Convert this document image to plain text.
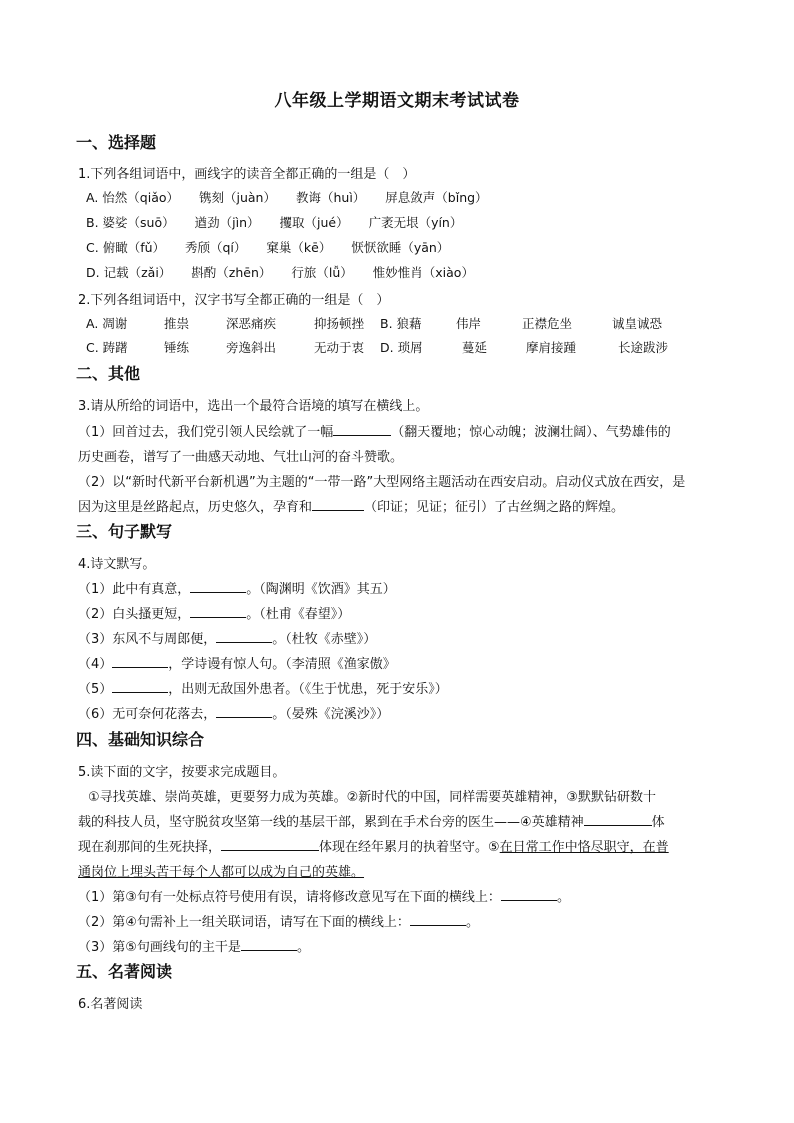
八年级上学期语文期末考试试卷
一、选择题
1.下列各组词语中，画线字的读音全都正确的一组是（　）
A. 怡然（qiǎo） 镌刻（juàn） 教诲（huì） 屏息敛声（bǐng）
B. 婆娑（suō） 遒劲（jìn） 攫取（jué） 广袤无垠（yín）
C. 俯瞰（fǔ） 秀颀（qí） 窠巢（kē） 恹恹欲睡（yān）
D. 记载（zǎi） 斟酌（zhēn） 行旅（lǚ） 惟妙惟肖（xiào）
2.下列各组词语中，汉字书写全都正确的一组是（　）
A. 凋谢	推祟	深恶痛疾	抑扬顿挫 B. 狼藉	伟岸	正襟危坐	诚皇诚恐
C. 踌躇	锤练	旁逸斜出	无动于衷 D. 琐屑	蔓延	摩肩接踵	长途跋涉
二、其他
3.请从所给的词语中，选出一个最符合语境的填写在横线上。
（1）回首过去，我们党引领人民绘就了一幅	（翻天覆地；惊心动魄；波澜壮阔）、气势雄伟的
历史画卷，谱写了一曲感天动地、气壮山河的奋斗赞歌。
（2）以“新时代新平台新机遇”为主题的“一带一路”大型网络主题活动在西安启动。启动仪式放在西安，是
因为这里是丝路起点，历史悠久，孕育和	（印证；见证；征引）了古丝绸之路的辉煌。
三、句子默写
4.诗文默写。
（1）此中有真意，	。（陶渊明《饮酒》其五）
（2）白头搔更短，	。（杜甫《春望》）
（3）东风不与周郎便，	。（杜牧《赤壁》）
（4）	，学诗谩有惊人句。（李清照《渔家傲》
（5）	，出则无敌国外患者。（《生于忧患，死于安乐》）
（6）无可奈何花落去，	。（晏殊《浣溪沙》）
四、基础知识综合
5.读下面的文字，按要求完成题目。
①寻找英雄、崇尚英雄，更要努力成为英雄。②新时代的中国，同样需要英雄精神，③默默钻研数十
载的科技人员，坚守脱贫攻坚第一线的基层干部，累到在手术台旁的医生——④英雄精神	体
现在刹那间的生死抉择，	体现在经年累月的执着坚守。⑤在日常工作中恪尽职守，在普
通岗位上埋头苦干每个人都可以成为自己的英雄。
（1）第③句有一处标点符号使用有误，请将修改意见写在下面的横线上：	。
（2）第④句需补上一组关联词语，请写在下面的横线上：	。
（3）第⑤句画线句的主干是	。
五、名著阅读
6.名著阅读
